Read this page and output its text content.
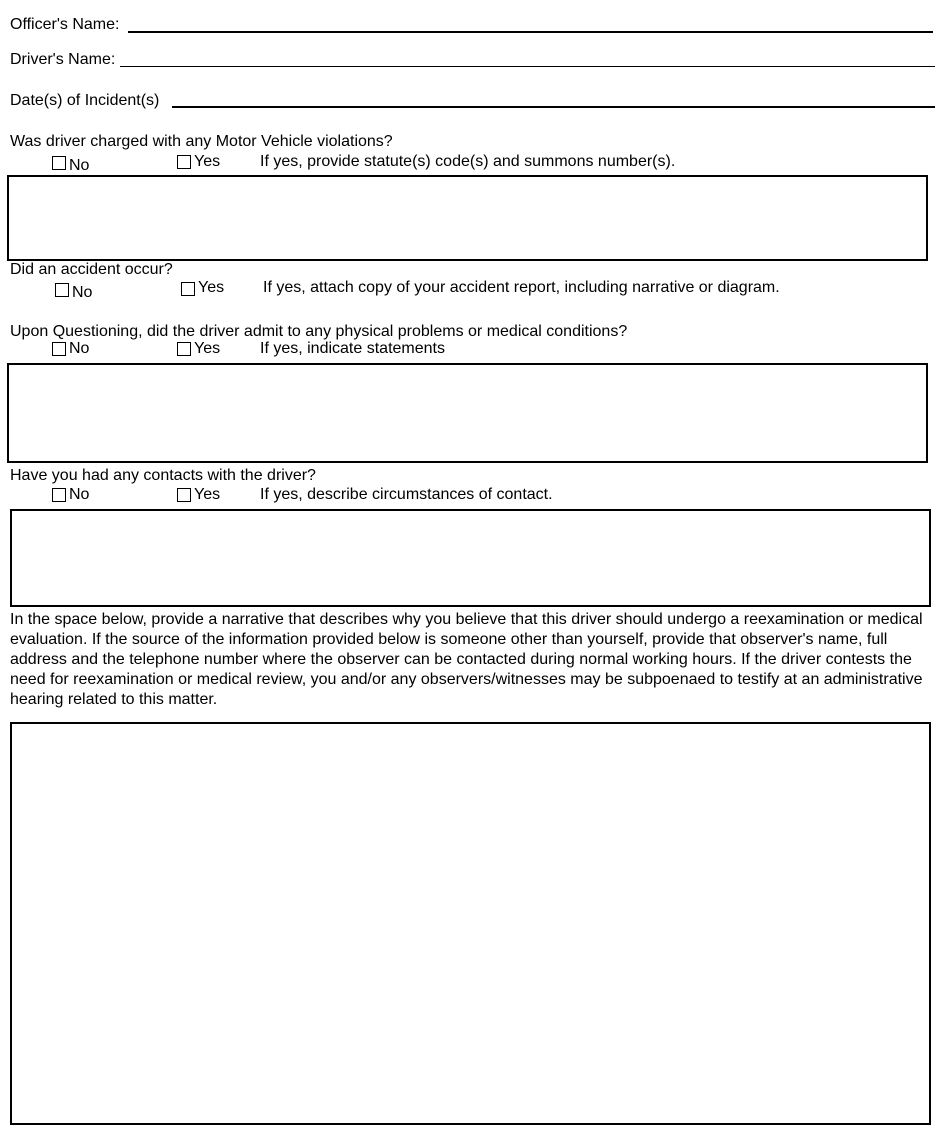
Officer's Name:
Driver's Name:
Date(s) of Incident(s)
Was driver charged with any Motor Vehicle violations?
No	Yes If yes, provide statute(s) code(s) and summons number(s).
Did an accident occur?
No	Yes If yes, attach copy of your accident report, including narrative or diagram.
Upon Questioning, did the driver admit to any physical problems or medical conditions?
No	Yes If yes, indicate statements
Have you had any contacts with the driver?
No	Yes If yes, describe circumstances of contact.
In the space below, provide a narrative that describes why you believe that this driver should undergo a reexamination or medical evaluation. If the source of the information provided below is someone other than yourself, provide that observer's name, full address and the telephone number where the observer can be contacted during normal working hours. If the driver contests the need for reexamination or medical review, you and/or any observers/witnesses may be subpoenaed to testify at an administrative hearing related to this matter.
